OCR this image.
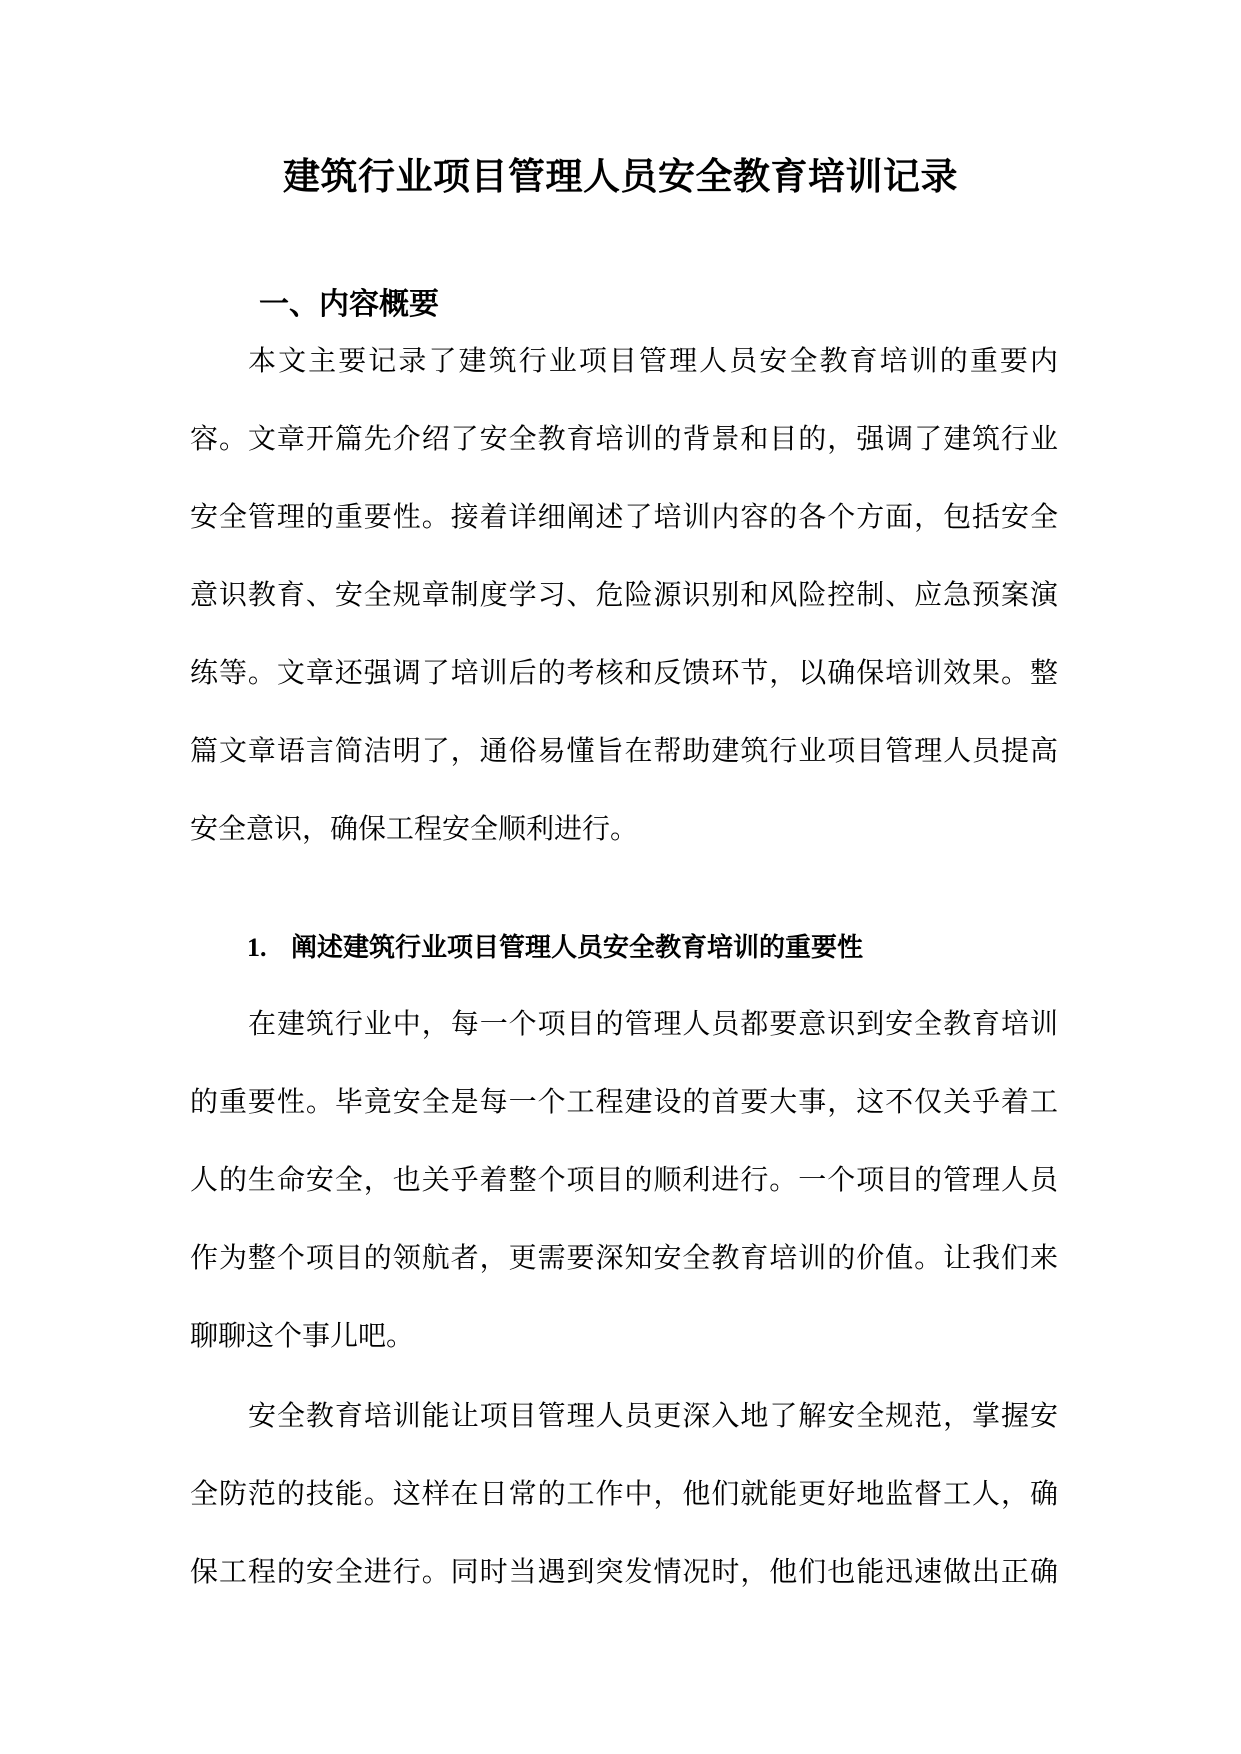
建筑行业项目管理人员安全教育培训记录
一、内容概要
本文主要记录了建筑行业项目管理人员安全教育培训的重要内
容。文章开篇先介绍了安全教育培训的背景和目的，强调了建筑行业
安全管理的重要性。接着详细阐述了培训内容的各个方面，包括安全
意识教育、安全规章制度学习、危险源识别和风险控制、应急预案演
练等。文章还强调了培训后的考核和反馈环节，以确保培训效果。整
篇文章语言简洁明了，通俗易懂旨在帮助建筑行业项目管理人员提高
安全意识，确保工程安全顺利进行。
1. 阐述建筑行业项目管理人员安全教育培训的重要性
在建筑行业中，每一个项目的管理人员都要意识到安全教育培训
的重要性。毕竟安全是每一个工程建设的首要大事，这不仅关乎着工
人的生命安全，也关乎着整个项目的顺利进行。一个项目的管理人员
作为整个项目的领航者，更需要深知安全教育培训的价值。让我们来
聊聊这个事儿吧。
安全教育培训能让项目管理人员更深入地了解安全规范，掌握安
全防范的技能。这样在日常的工作中，他们就能更好地监督工人，确
保工程的安全进行。同时当遇到突发情况时，他们也能迅速做出正确
